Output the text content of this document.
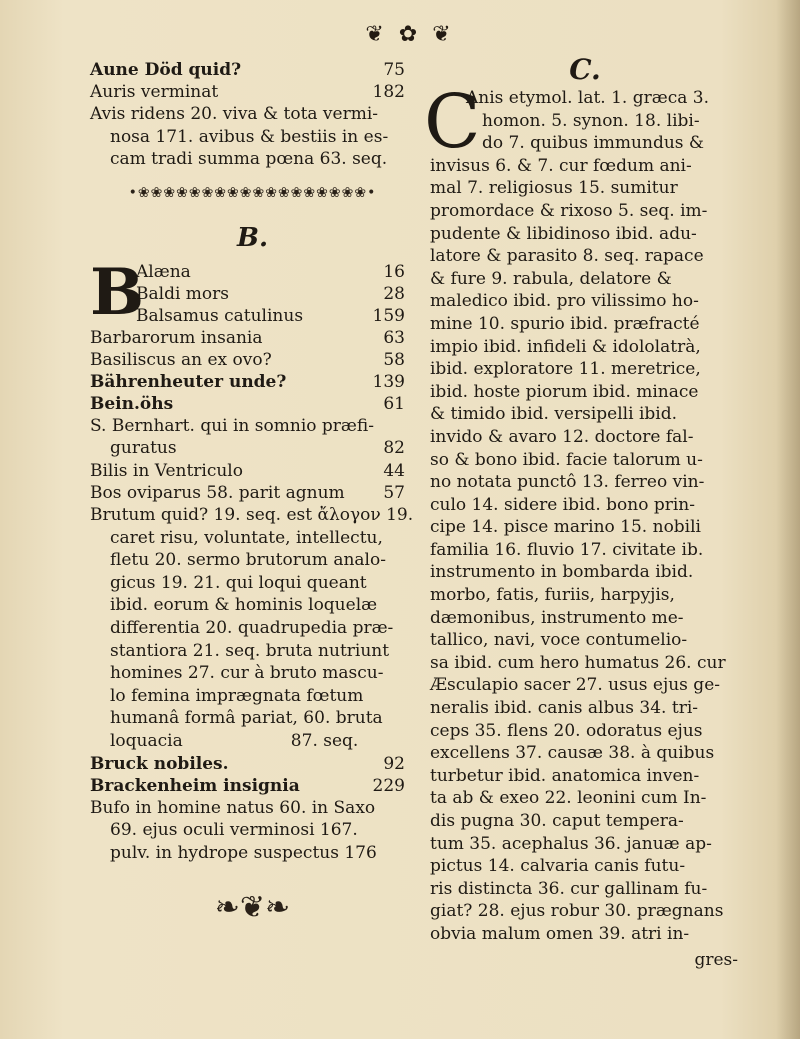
❦ ✿ ❦
Aune Död quid?	75
Auris verminat	182
Avis ridens 20. viva & tota vermi-
nosa 171. avibus & bestiis in es-
cam tradi summa pœna 63. seq.
•❀❀❀❀❀❀❀❀❀❀❀❀❀❀❀❀❀❀•
B.
B
Alæna	16
Baldi mors	28
Balsamus catulinus	159
Barbarorum insania	63
Basiliscus an ex ovo?	58
Bährenheuter unde?	139
Bein.öhs	61
S. Bernhart. qui in somnio præfi-
guratus	82
Bilis in Ventriculo	44
Bos oviparus 58. parit agnum 57
Brutum quid? 19. seq. est ἄλογον 19.
caret risu, voluntate, intellectu,
fletu 20. sermo brutorum analo-
gicus 19. 21. qui loqui queant
ibid. eorum & hominis loquelæ
differentia 20. quadrupedia præ-
stantiora 21. seq. bruta nutriunt
homines 27. cur à bruto mascu-
lo femina imprægnata fœtum
humanâ formâ pariat, 60. bruta
loquacia                    87. seq.
Bruck nobiles.	92
Brackenheim insignia	229
Bufo in homine natus 60. in Saxo
69. ejus oculi verminosi 167.
pulv. in hydrope suspectus 176
❧❦❧
C.
C
Anis etymol. lat. 1. græca 3.
homon. 5. synon. 18. libi-
do 7. quibus immundus &
invisus 6. & 7. cur fœdum ani-
mal 7. religiosus 15. sumitur
promordace & rixoso 5. seq. im-
pudente & libidinoso ibid. adu-
latore & parasito 8. seq. rapace
& fure 9. rabula, delatore &
maledico ibid. pro vilissimo ho-
mine 10. spurio ibid. præfracté
impio ibid. infideli & idololatrà,
ibid. exploratore 11. meretrice,
ibid. hoste piorum ibid. minace
& timido ibid. versipelli ibid.
invido & avaro 12. doctore fal-
so & bono ibid. facie talorum u-
no notata punctô 13. ferreo vin-
culo 14. sidere ibid. bono prin-
cipe 14. pisce marino 15. nobili
familia 16. fluvio 17. civitate ib.
instrumento in bombarda ibid.
morbo, fatis, furiis, harpyjis,
dæmonibus, instrumento me-
tallico, navi, voce contumelio-
sa ibid. cum hero humatus 26. cur
Æsculapio sacer 27. usus ejus ge-
neralis ibid. canis albus 34. tri-
ceps 35. flens 20. odoratus ejus
excellens 37. causæ 38. à quibus
turbetur ibid. anatomica inven-
ta ab & exeo 22. leonini cum In-
dis pugna 30. caput tempera-
tum 35. acephalus 36. januæ ap-
pictus 14. calvaria canis futu-
ris distincta 36. cur gallinam fu-
giat? 28. ejus robur 30. prægnans
obvia malum omen 39. atri in-
gres-
